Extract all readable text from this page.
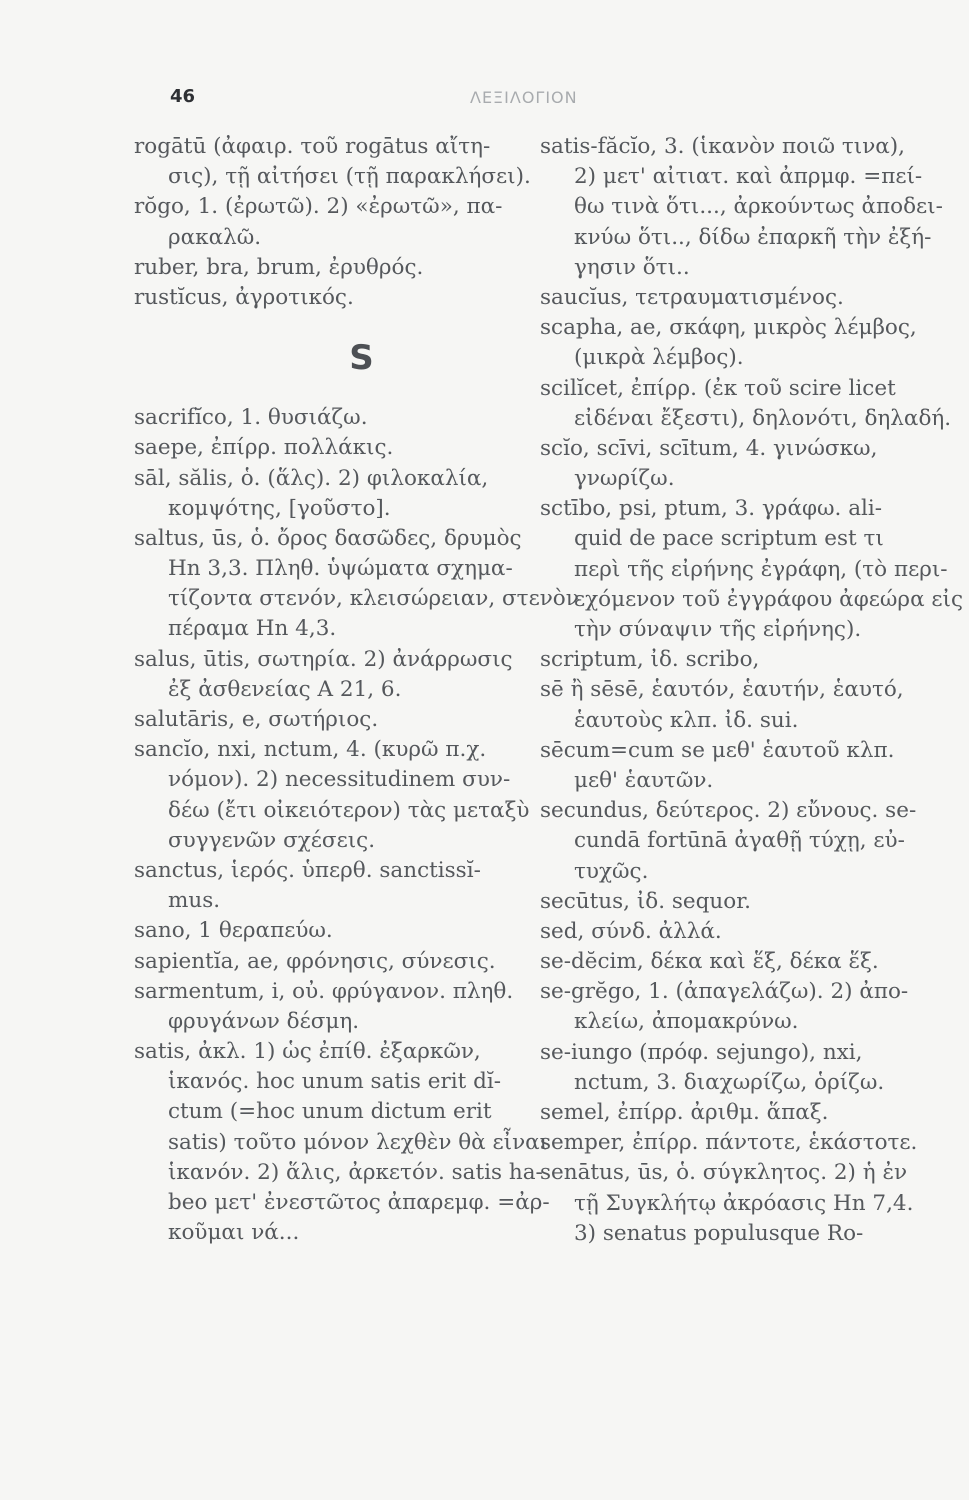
46	ΛΕΞΙΛΟΓΙΟΝ
rogātū (ἀφαιρ. τοῦ rogātus αἴτη-
σις), τῇ αἰτήσει (τῇ παρακλήσει).
rŏgo, 1. (ἐρωτῶ). 2) «ἐρωτῶ», πα-
ρακαλῶ.
ruber, bra, brum, ἐρυθρός.
rustĭcus, ἀγροτικός.
S
sacrifĭco, 1. θυσιάζω.
saepe, ἐπίρρ. πολλάκις.
sāl, sălis, ὁ. (ἅλς). 2) φιλοκαλία,
κομψότης, [γοῦστο].
saltus, ūs, ὁ. ὄρος δασῶδες, δρυμὸς
Hn 3,3. Πληθ. ὑψώματα σχημα-
τίζοντα στενόν, κλεισώρειαν, στενὸν
πέραμα Hn 4,3.
salus, ūtis, σωτηρία. 2) ἀνάρρωσις
ἐξ ἀσθενείας A 21, 6.
salutāris, e, σωτήριος.
sancĭo, nxi, nctum, 4. (κυρῶ π.χ.
νόμον). 2) necessitudinem συν-
δέω (ἔτι οἰκειότερον) τὰς μεταξὺ
συγγενῶν σχέσεις.
sanctus, ἱερός. ὑπερθ. sanctissĭ-
mus.
sano, 1 θεραπεύω.
sapientĭa, ae, φρόνησις, σύνεσις.
sarmentum, i, οὐ. φρύγανον. πληθ.
φρυγάνων δέσμη.
satis, ἀκλ. 1) ὡς ἐπίθ. ἐξαρκῶν,
ἱκανός. hoc unum satis erit dĭ-
ctum (=hoc unum dictum erit
satis) τοῦτο μόνον λεχθὲν θὰ εἶναι
ἱκανόν. 2) ἅλις, ἀρκετόν. satis ha-
beo μετ' ἐνεστῶτος ἀπαρεμφ. =ἀρ-
κοῦμαι νά...
satis-făcĭo, 3. (ἱκανὸν ποιῶ τινα),
2) μετ' αἰτιατ. καὶ ἀπρμφ. =πεί-
θω τινὰ ὅτι..., ἀρκούντως ἀποδει-
κνύω ὅτι.., δίδω ἐπαρκῆ τὴν ἐξή-
γησιν ὅτι..
saucĭus, τετραυματισμένος.
scapha, ae, σκάφη, μικρὸς λέμβος,
(μικρὰ λέμβος).
scilĭcet, ἐπίρρ. (ἐκ τοῦ scire licet
εἰδέναι ἔξεστι), δηλονότι, δηλαδή.
scĭo, scīvi, scītum, 4. γινώσκω,
γνωρίζω.
sctībo, psi, ptum, 3. γράφω. ali-
quid de pace scriptum est τι
περὶ τῆς εἰρήνης ἐγράφη, (τὸ περι-
εχόμενον τοῦ ἐγγράφου ἀφεώρα εἰς
τὴν σύναψιν τῆς εἰρήνης).
scriptum, ἰδ. scribo,
sē ἢ sēsē, ἑαυτόν, ἑαυτήν, ἑαυτό,
ἑαυτοὺς κλπ. ἰδ. sui.
sēcum=cum se μεθ' ἑαυτοῦ κλπ.
μεθ' ἑαυτῶν.
secundus, δεύτερος. 2) εὔνους. se-
cundā fortūnā ἀγαθῇ τύχῃ, εὐ-
τυχῶς.
secūtus, ἰδ. sequor.
sed, σύνδ. ἀλλά.
se-dĕcim, δέκα καὶ ἕξ, δέκα ἕξ.
se-grĕgo, 1. (ἀπαγελάζω). 2) ἀπο-
κλείω, ἀπομακρύνω.
se-iungo (πρόφ. sejungo), nxi,
nctum, 3. διαχωρίζω, ὁρίζω.
semel, ἐπίρρ. ἀριθμ. ἅπαξ.
semper, ἐπίρρ. πάντοτε, ἑκάστοτε.
senātus, ūs, ὁ. σύγκλητος. 2) ἡ ἐν
τῇ Συγκλήτῳ ἀκρόασις Hn 7,4.
3) senatus populusque Ro-
